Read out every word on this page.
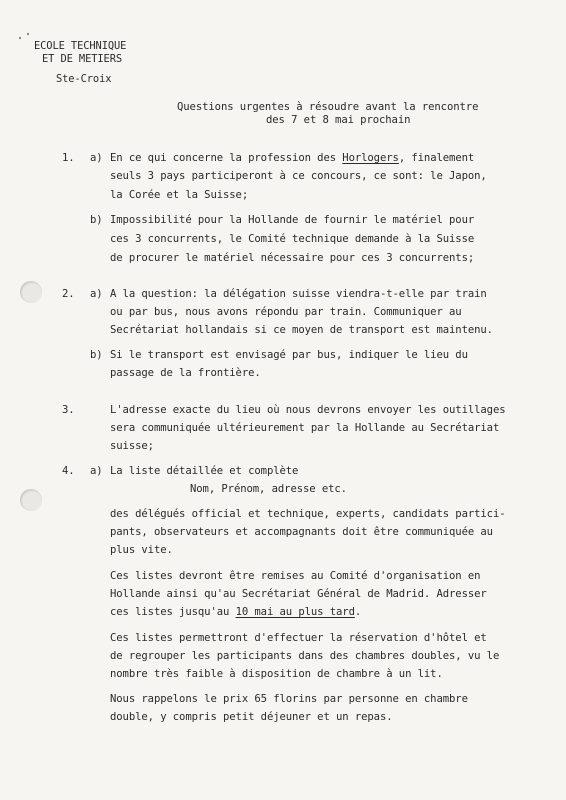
ECOLE TECHNIQUE
ET DE METIERS
Ste-Croix
Questions urgentes à résoudre avant la rencontre
des 7 et 8 mai prochain
1. a) En ce qui concerne la profession des Horlogers, finalement
seuls 3 pays participeront à ce concours, ce sont: le Japon,
la Corée et la Suisse;
b) Impossibilité pour la Hollande de fournir le matériel pour
ces 3 concurrents, le Comité technique demande à la Suisse
de procurer le matériel nécessaire pour ces 3 concurrents;
2. a) A la question: la délégation suisse viendra-t-elle par train
ou par bus, nous avons répondu par train. Communiquer au
Secrétariat hollandais si ce moyen de transport est maintenu.
b) Si le transport est envisagé par bus, indiquer le lieu du
passage de la frontière.
3.	L'adresse exacte du lieu où nous devrons envoyer les outillages
sera communiquée ultérieurement par la Hollande au Secrétariat
suisse;
4. a) La liste détaillée et complète
Nom, Prénom, adresse etc.
des délégués official et technique, experts, candidats partici-
pants, observateurs et accompagnants doit être communiquée au
plus vite.
Ces listes devront être remises au Comité d'organisation en
Hollande ainsi qu'au Secrétariat Général de Madrid. Adresser
ces listes jusqu'au 10 mai au plus tard.
Ces listes permettront d'effectuer la réservation d'hôtel et
de regrouper les participants dans des chambres doubles, vu le
nombre très faible à disposition de chambre à un lit.
Nous rappelons le prix 65 florins par personne en chambre
double, y compris petit déjeuner et un repas.
